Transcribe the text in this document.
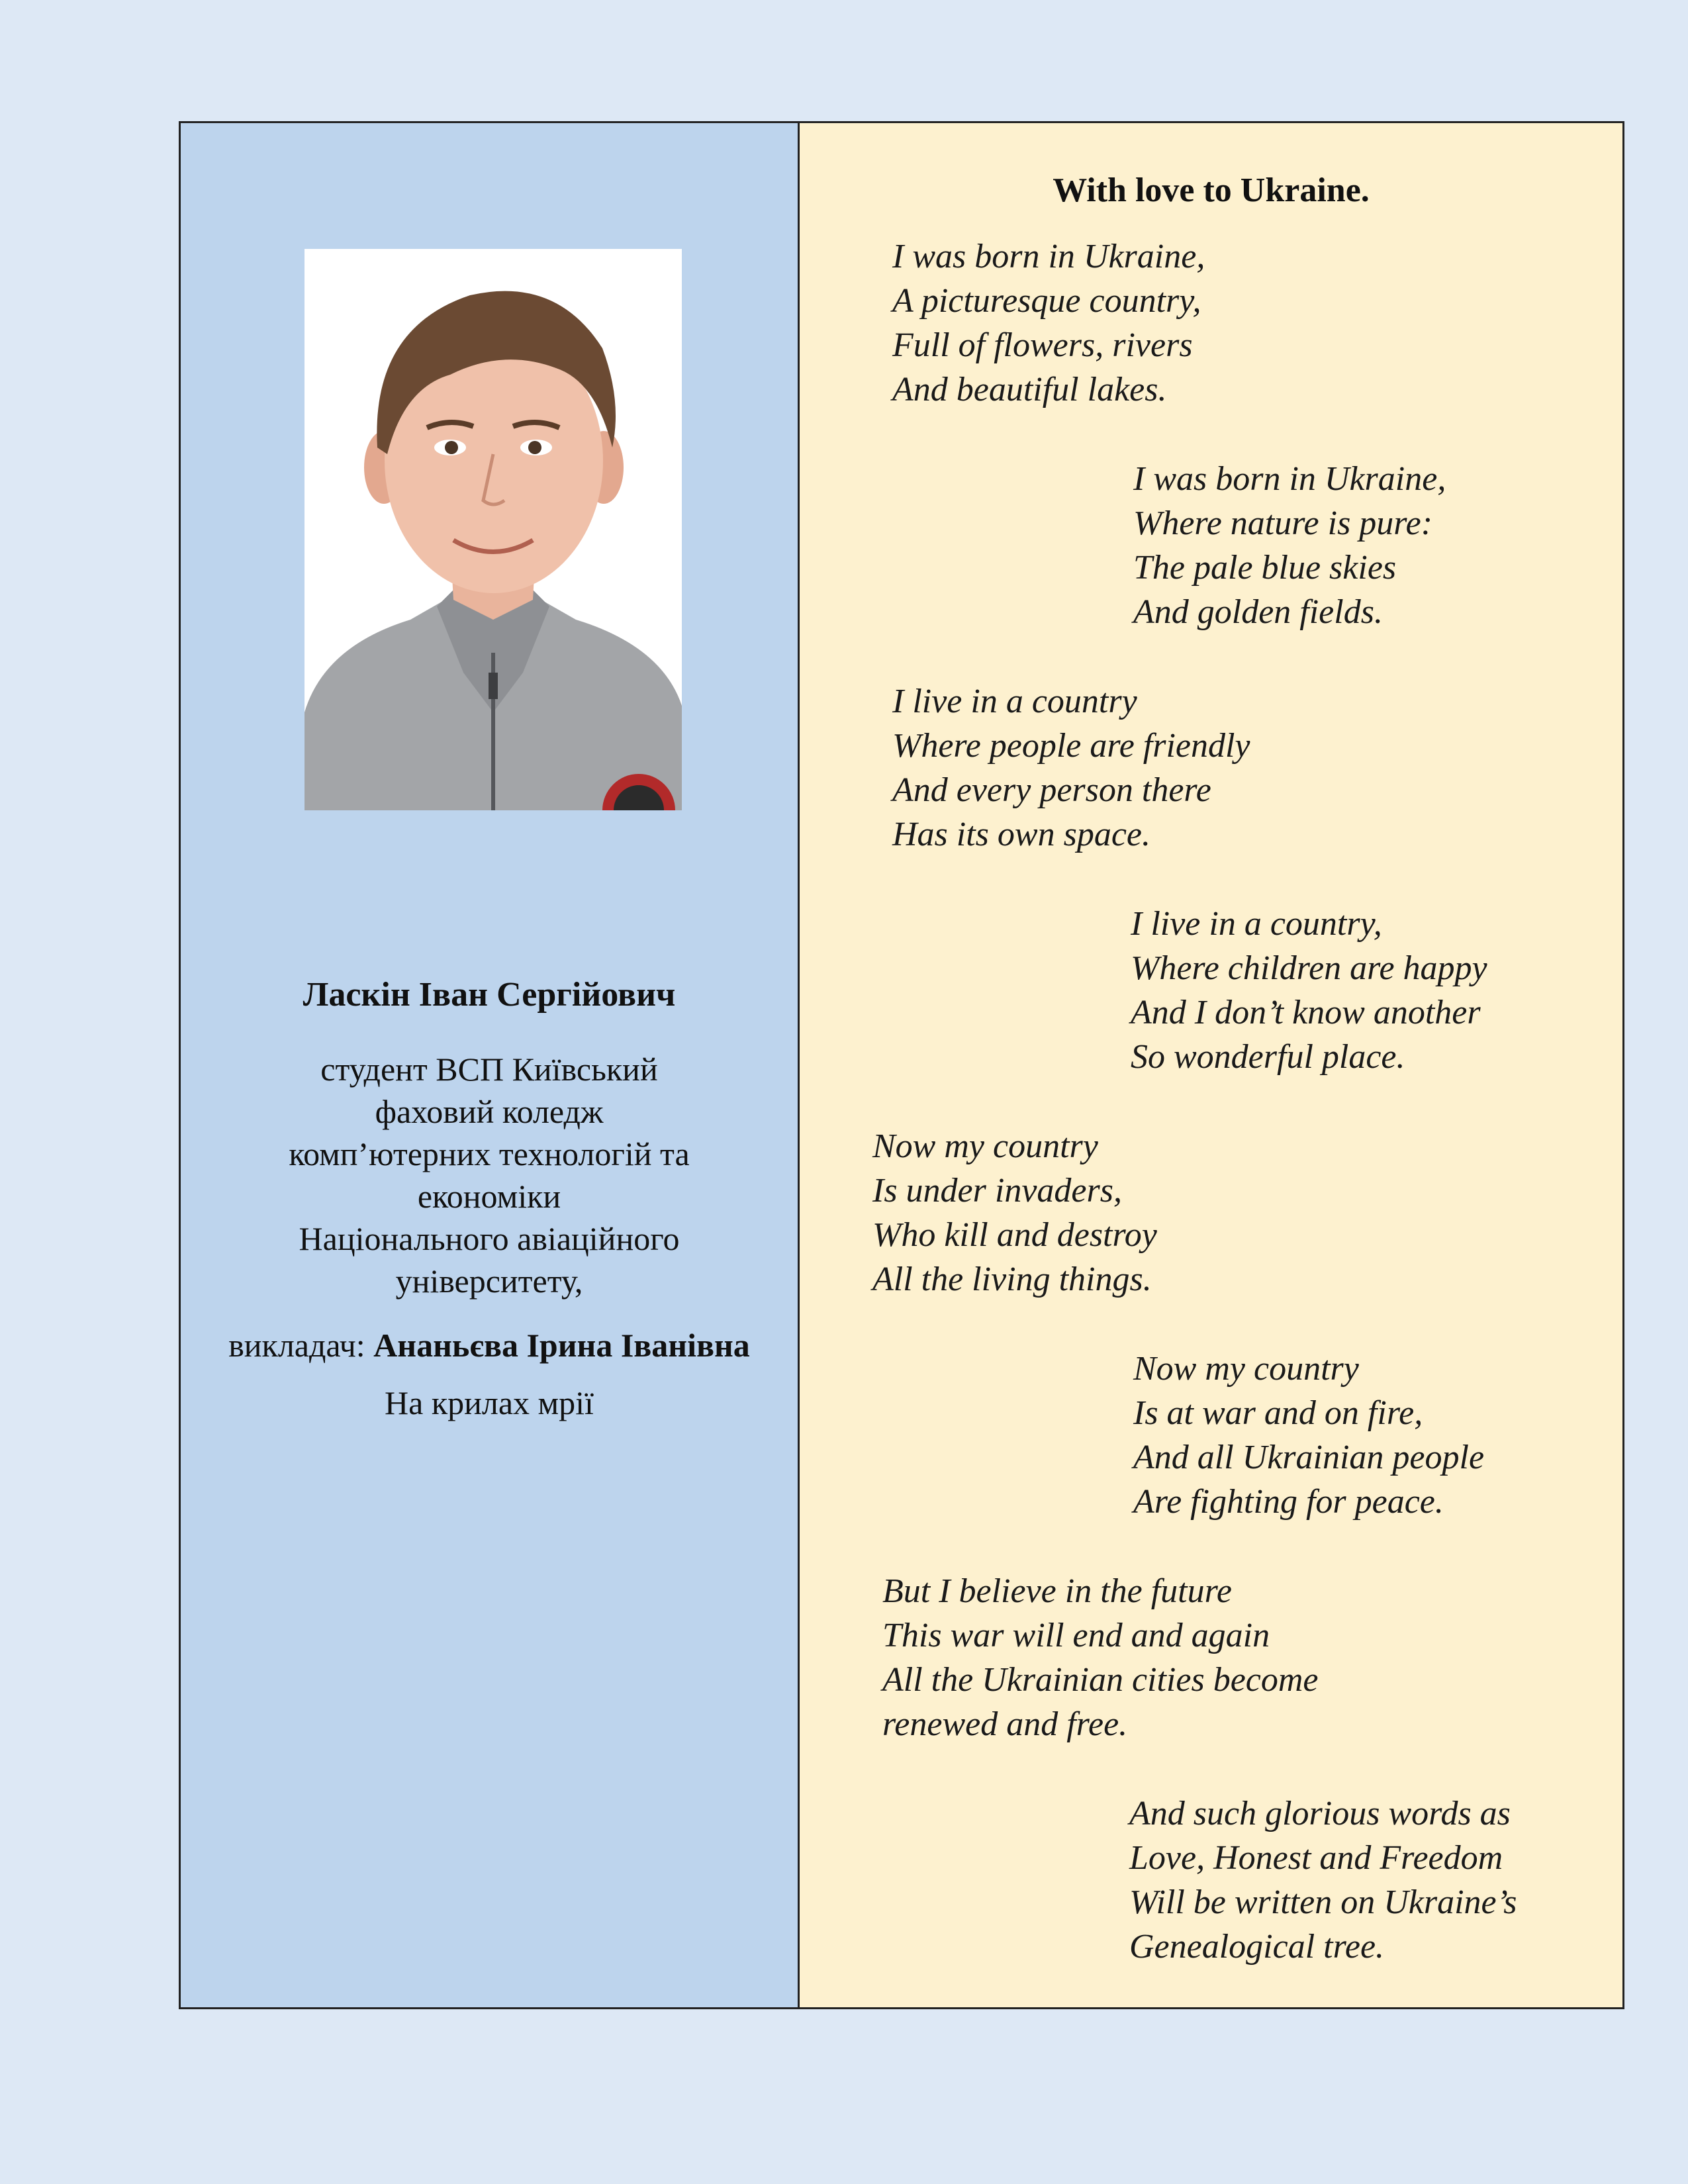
Ласкін Іван Сергійович
студент ВСП Київський
фаховий коледж
комп’ютерних технологій та
економіки
Національного авіаційного
університету,
викладач: Ананьєва Ірина Іванівна
На крилах мрії
With love to Ukraine.
I was born in Ukraine,
A picturesque country,
Full of flowers, rivers
And beautiful lakes.
I was born in Ukraine,
Where nature is pure:
The pale blue skies
And golden fields.
I live in a country
Where people are friendly
And every person there
Has its own space.
I live in a country,
Where children are happy
And I don’t know another
So wonderful place.
Now my country
Is under invaders,
Who kill and destroy
All the living things.
Now my country
Is at war and on fire,
And all Ukrainian people
Are fighting for peace.
But I believe in the future
This war will end and again
All the Ukrainian cities become
renewed and free.
And such glorious words as
Love, Honest and Freedom
Will be written on Ukraine’s
Genealogical tree.
